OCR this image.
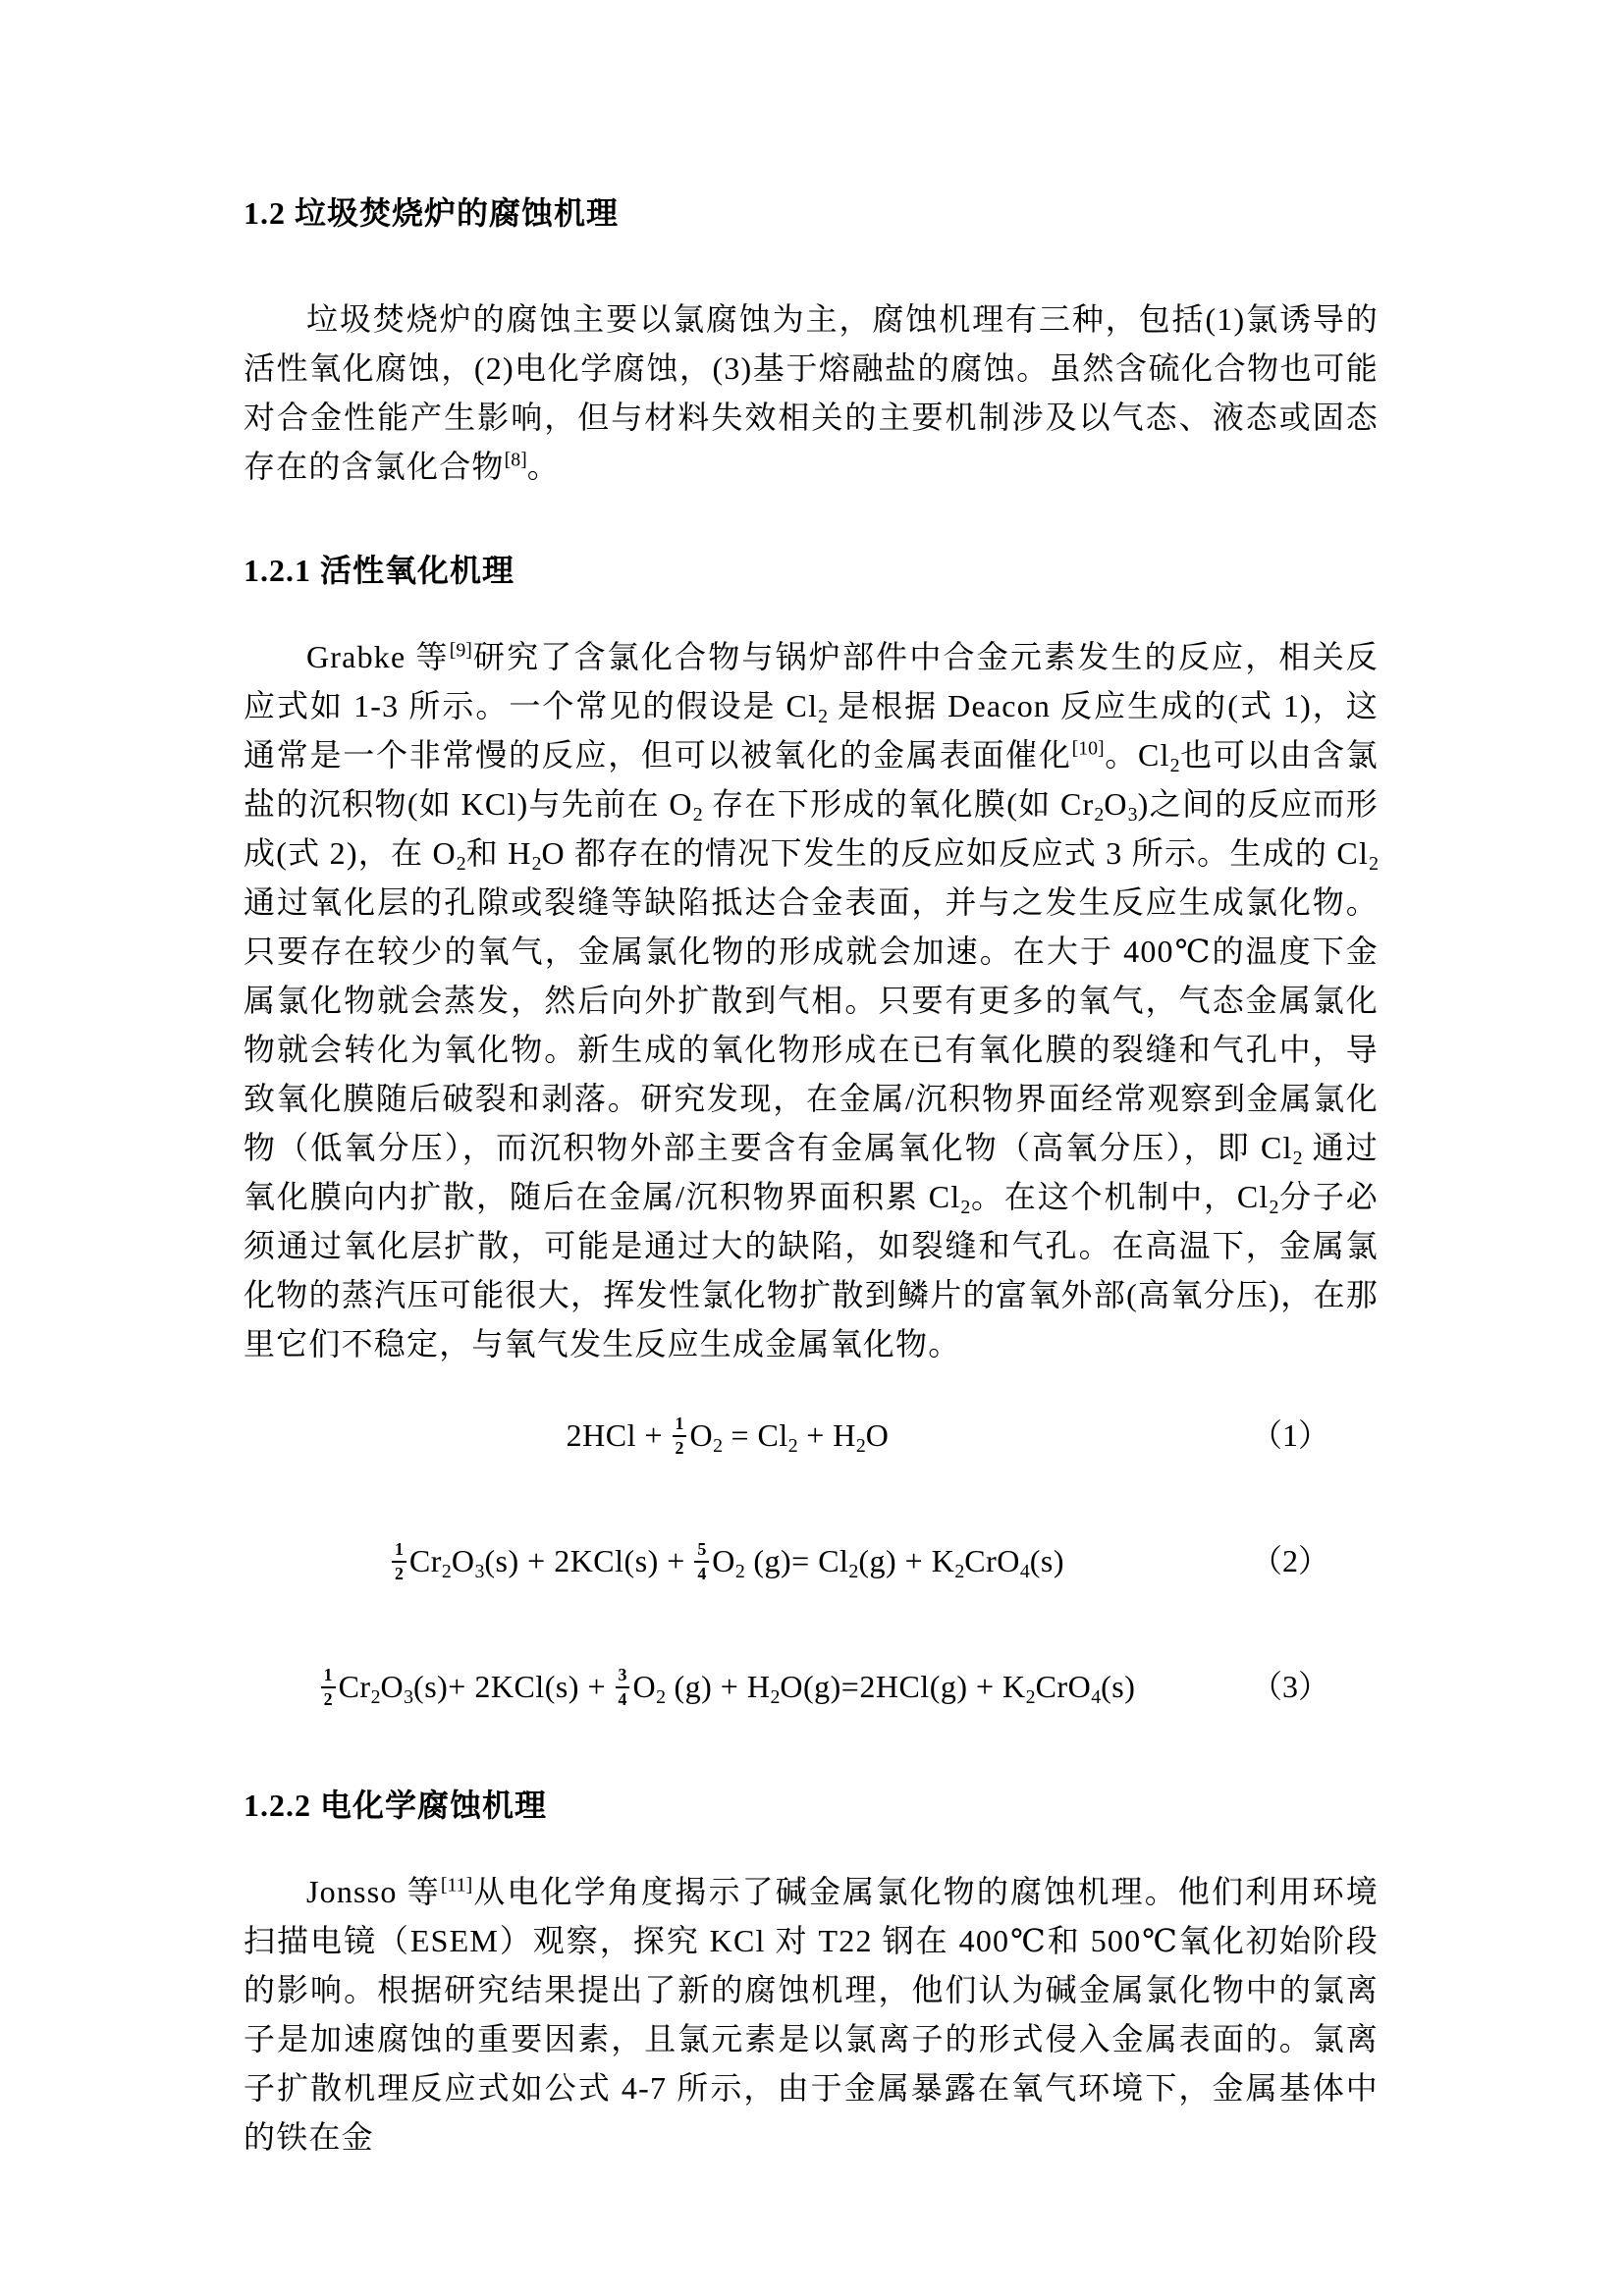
1.2 垃圾焚烧炉的腐蚀机理

垃圾焚烧炉的腐蚀主要以氯腐蚀为主，腐蚀机理有三种，包括(1)氯诱导的活性氧化腐蚀，(2)电化学腐蚀，(3)基于熔融盐的腐蚀。虽然含硫化合物也可能对合金性能产生影响，但与材料失效相关的主要机制涉及以气态、液态或固态存在的含氯化合物[8]。

1.2.1 活性氧化机理

Grabke 等[9]研究了含氯化合物与锅炉部件中合金元素发生的反应，相关反应式如 1-3 所示。一个常见的假设是 $Cl_2$ 是根据 Deacon 反应生成的(式 1)，这通常是一个非常慢的反应，但可以被氧化的金属表面催化[10]。$Cl_2$也可以由含氯盐的沉积物(如 KCl)与先前在 $O_2$ 存在下形成的氧化膜(如 $Cr_2O_3$)之间的反应而形成(式 2)，在 $O_2$和 $H_2O$ 都存在的情况下发生的反应如反应式 3 所示。生成的 $Cl_2$ 通过氧化层的孔隙或裂缝等缺陷抵达合金表面，并与之发生反应生成氯化物。只要存在较少的氧气，金属氯化物的形成就会加速。在大于 400℃的温度下金属氯化物就会蒸发，然后向外扩散到气相。只要有更多的氧气，气态金属氯化物就会转化为氧化物。新生成的氧化物形成在已有氧化膜的裂缝和气孔中，导致氧化膜随后破裂和剥落。研究发现，在金属/沉积物界面经常观察到金属氯化物（低氧分压），而沉积物外部主要含有金属氧化物（高氧分压），即 $Cl_2$ 通过氧化膜向内扩散，随后在金属/沉积物界面积累 $Cl_2$。在这个机制中，$Cl_2$分子必须通过氧化层扩散，可能是通过大的缺陷，如裂缝和气孔。在高温下，金属氯化物的蒸汽压可能很大，挥发性氯化物扩散到鳞片的富氧外部(高氧分压)，在那里它们不稳定，与氧气发生反应生成金属氧化物。

$2HCl + \frac{1}{2} O_2 = Cl_2 + H_2O$	（1）
$\frac{1}{2} Cr_2O_3(s) + 2KCl(s) + \frac{5}{4} O_2$ $(g)= Cl_2(g) + K_2CrO_4(s)$	（2）
$\frac{1}{2} Cr_2O_3(s)+ 2KCl(s) + \frac{3}{4} O_2$ $(g) + H_2O(g)=2HCl(g) + K_2CrO_4(s)$	（3）
1.2.2 电化学腐蚀机理

Jonsso 等[11]从电化学角度揭示了碱金属氯化物的腐蚀机理。他们利用环境扫描电镜（ESEM）观察，探究 KCl 对 T22 钢在 400℃和 500℃氧化初始阶段的影响。根据研究结果提出了新的腐蚀机理，他们认为碱金属氯化物中的氯离子是加速腐蚀的重要因素，且氯元素是以氯离子的形式侵入金属表面的。氯离子扩散机理反应式如公式 4-7 所示，由于金属暴露在氧气环境下，金属基体中的铁在金
